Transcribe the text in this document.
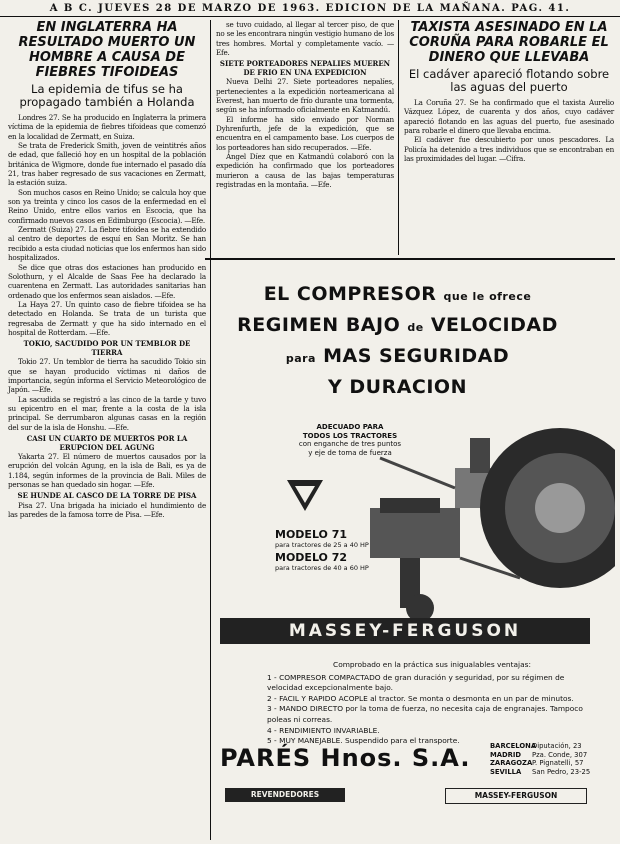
A B C. JUEVES 28 DE MARZO DE 1963. EDICION DE LA MAÑANA. PAG. 41.
EN INGLATERRA HA RESULTADO MUERTO UN HOMBRE A CAUSA DE FIEBRES TIFOIDEAS
La epidemia de tifus se ha propagado también a Holanda

Londres 27. Se ha producido en Inglaterra la primera víctima de la epidemia de fiebres tifoideas que comenzó en la localidad de Zermatt, en Suiza.

Se trata de Frederick Smith, joven de veintitrés años de edad, que falleció hoy en un hospital de la población británica de Wigmore, donde fue internado el pasado día 21, tras haber regresado de sus vacaciones en Zermatt, la estación suiza.

Son muchos casos en Reino Unido; se calcula hoy que son ya treinta y cinco los casos de la enfermedad en el Reino Unido, entre ellos varios en Escocia, que ha confirmado nuevos casos en Edimburgo (Escocia). —Efe.

Zermatt (Suiza) 27. La fiebre tifoidea se ha extendido al centro de deportes de esquí en San Moritz. Se han recibido a esta ciudad noticias que los enfermos han sido hospitalizados.

Se dice que otras dos estaciones han producido en Solothurn, y el Alcalde de Saas Fee ha declarado la cuarentena en Zermatt. Las autoridades sanitarias han ordenado que los enfermos sean aislados. —Efe.

La Haya 27. Un quinto caso de fiebre tifoidea se ha detectado en Holanda. Se trata de un turista que regresaba de Zermatt y que ha sido internado en el hospital de Rotterdam. —Efe.

TOKIO, SACUDIDO POR UN TEMBLOR DE TIERRA

Tokio 27. Un temblor de tierra ha sacudido Tokio sin que se hayan producido víctimas ni daños de importancia, según informa el Servicio Meteorológico de Japón. —Efe.

La sacudida se registró a las cinco de la tarde y tuvo su epicentro en el mar, frente a la costa de la isla principal. Se derrumbaron algunas casas en la región del sur de la isla de Honshu. —Efe.

CASI UN CUARTO DE MUERTOS POR LA ERUPCION DEL AGUNG

Yakarta 27. El número de muertos causados por la erupción del volcán Agung, en la isla de Bali, es ya de 1.184, según informes de la provincia de Bali. Miles de personas se han quedado sin hogar. —Efe.

SE HUNDE AL CASCO DE LA TORRE DE PISA

Pisa 27. Una brigada ha iniciado el hundimiento de las paredes de la famosa torre de Pisa. —Efe.

se tuvo cuidado, al llegar al tercer piso, de que no se les encontrara ningún vestigio humano de los tres hombres. Mortal y completamente vacío. —Efe.

SIETE PORTEADORES NEPALIES MUEREN DE FRIO EN UNA EXPEDICION

Nueva Delhi 27. Siete porteadores nepalíes, pertenecientes a la expedición norteamericana al Everest, han muerto de frío durante una tormenta, según se ha informado oficialmente en Katmandú.

El informe ha sido enviado por Norman Dyhrenfurth, jefe de la expedición, que se encuentra en el campamento base. Los cuerpos de los porteadores han sido recuperados. —Efe.

Ángel Díez que en Katmandú colaboró con la expedición ha confirmado que los porteadores murieron a causa de las bajas temperaturas registradas en la montaña. —Efe.

TAXISTA ASESINADO EN LA CORUÑA PARA ROBARLE EL DINERO QUE LLEVABA
El cadáver apareció flotando sobre las aguas del puerto

La Coruña 27. Se ha confirmado que el taxista Aurelio Vázquez López, de cuarenta y dos años, cuyo cadáver apareció flotando en las aguas del puerto, fue asesinado para robarle el dinero que llevaba encima.

El cadáver fue descubierto por unos pescadores. La Policía ha detenido a tres individuos que se encontraban en las proximidades del lugar. —Cifra.

EL COMPRESOR que le ofrece
REGIMEN BAJO de VELOCIDAD
para MAS SEGURIDAD
Y DURACION
ADECUADO PARA
TODOS LOS TRACTORES
con enganche de tres puntos
y eje de toma de fuerza
MODELO 71
para tractores de 25 a 40 HP
MODELO 72
para tractores de 40 a 60 HP
MASSEY-FERGUSON
Comprobado en la práctica sus inigualables ventajas:
1 - COMPRESOR COMPACTADO de gran duración y seguridad, por su régimen de velocidad excepcionalmente bajo.
2 - FACIL Y RAPIDO ACOPLE al tractor. Se monta o desmonta en un par de minutos.
3 - MANDO DIRECTO por la toma de fuerza, no necesita caja de engranajes. Tampoco poleas ni correas.
4 - RENDIMIENTO INVARIABLE.
5 - MUY MANEJABLE. Suspendido para el transporte.
PARÉS Hnos. S.A.	BARCELONADiputación, 23
MADRID Pza. Conde, 307
ZARAGOZAP. Pignatelli, 57
SEVILLA San Pedro, 23-25
REVENDEDORES	MASSEY-FERGUSON
